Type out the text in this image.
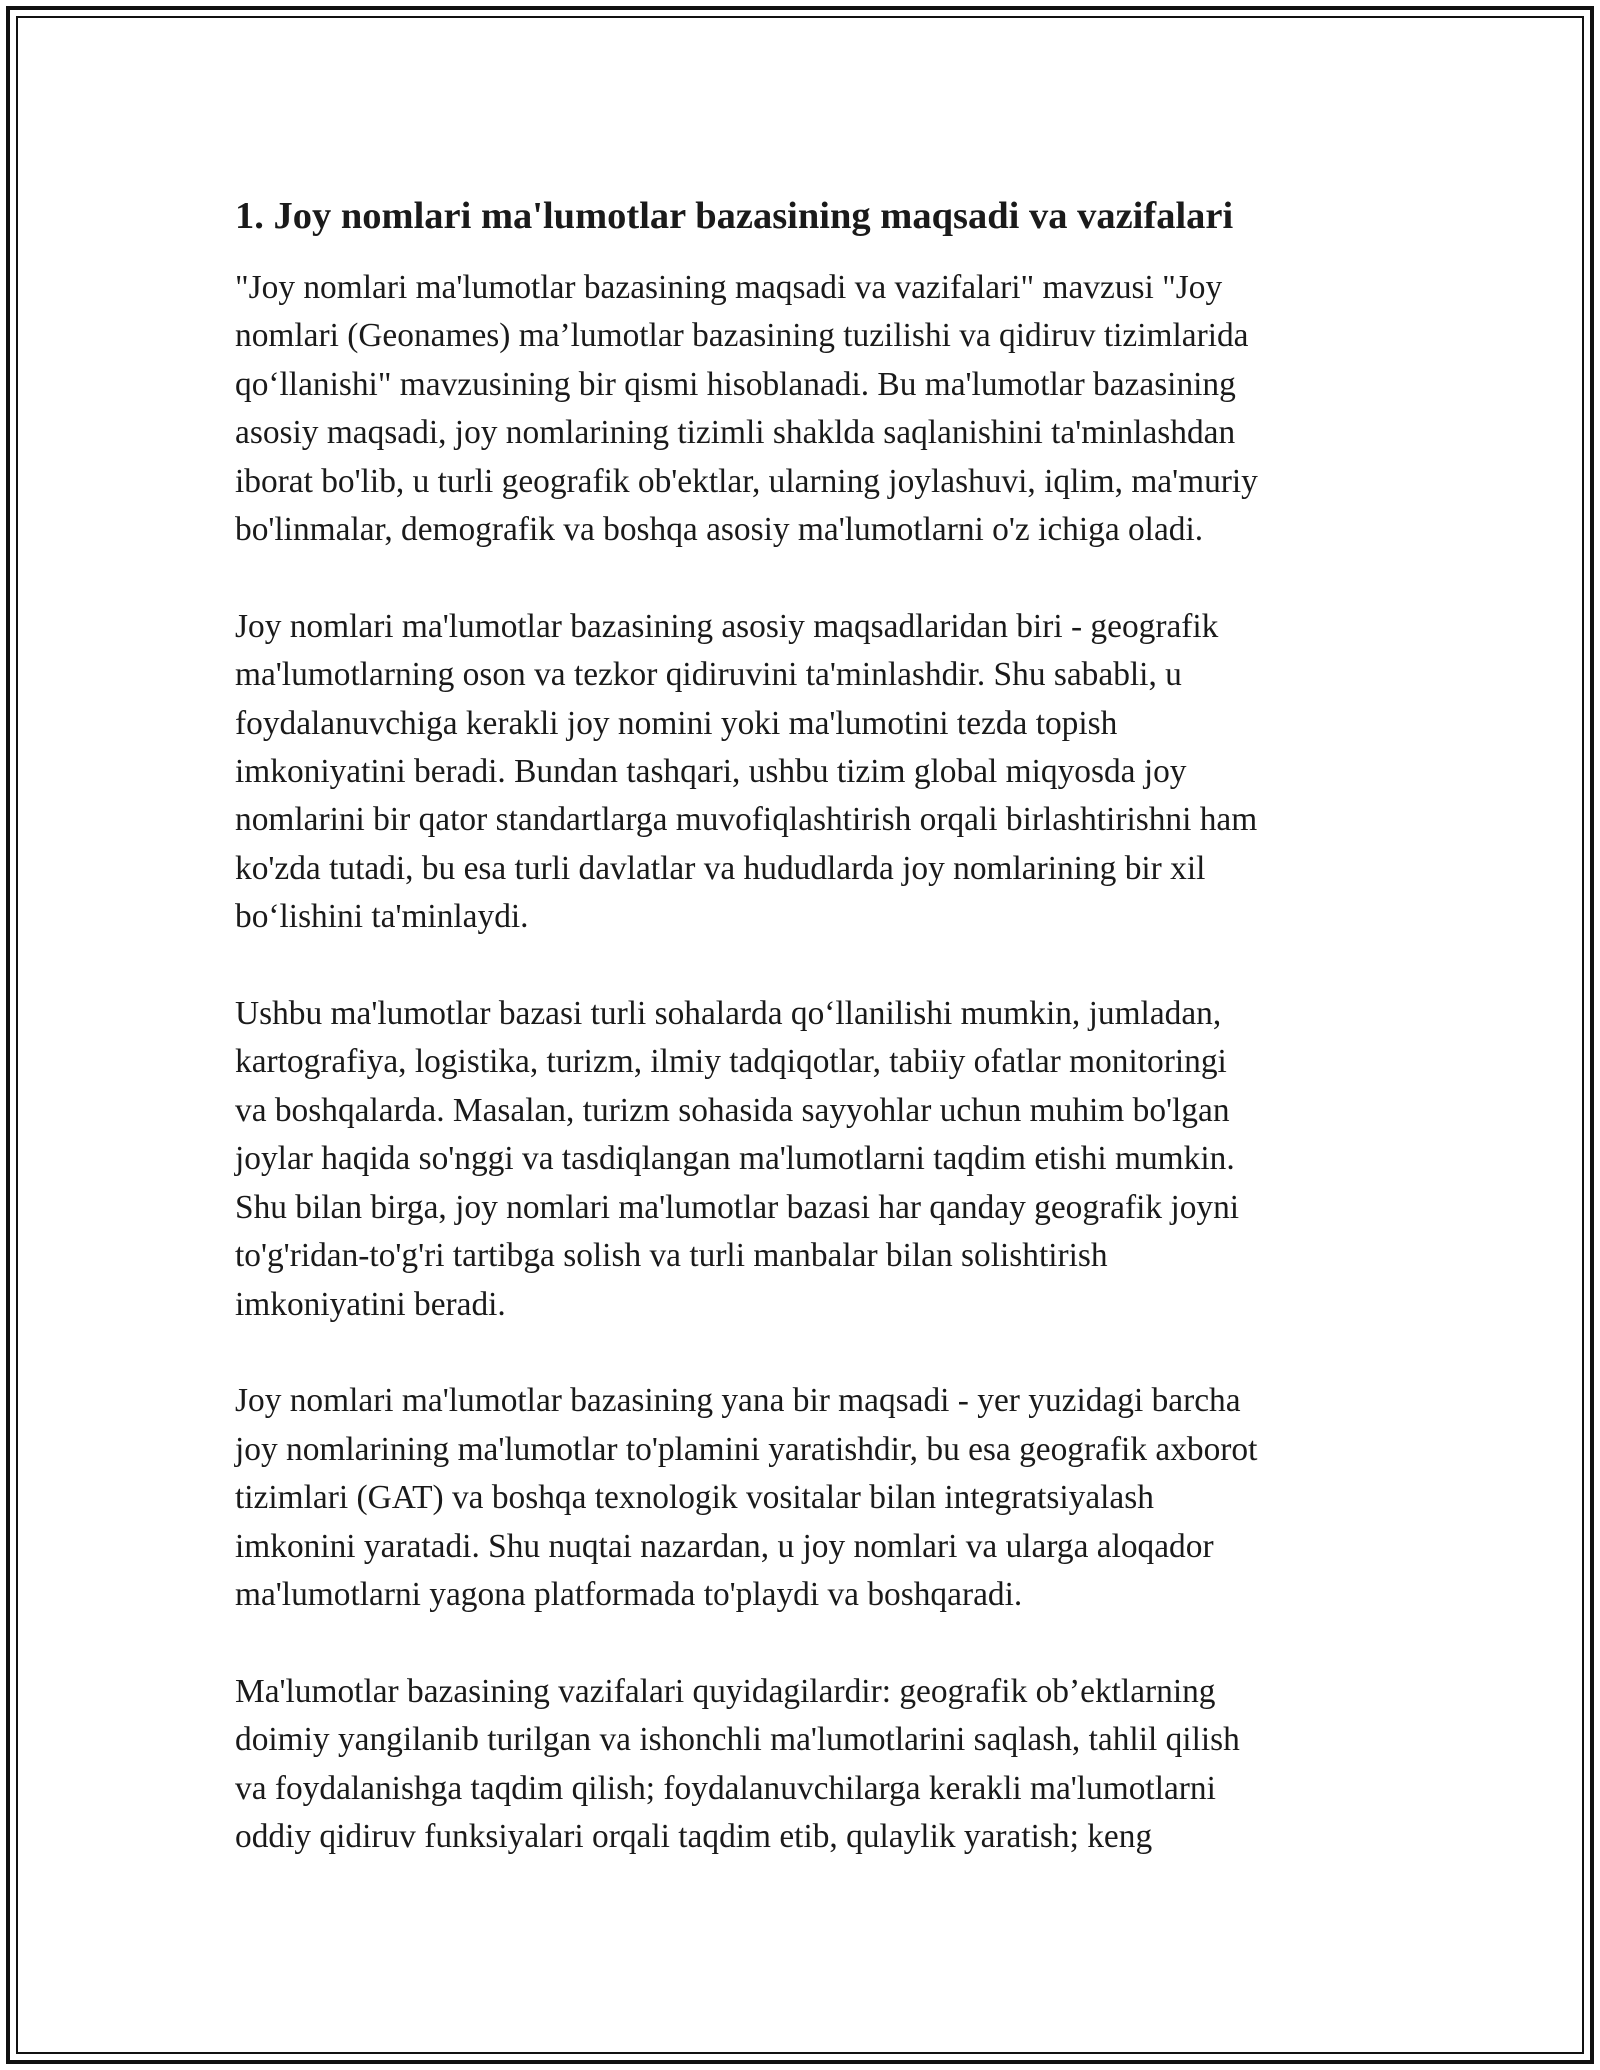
1. Joy nomlari ma'lumotlar bazasining maqsadi va vazifalari
"Joy nomlari ma'lumotlar bazasining maqsadi va vazifalari" mavzusi "Joy
nomlari (Geonames) ma’lumotlar bazasining tuzilishi va qidiruv tizimlarida
qo‘llanishi" mavzusining bir qismi hisoblanadi. Bu ma'lumotlar bazasining
asosiy maqsadi, joy nomlarining tizimli shaklda saqlanishini ta'minlashdan
iborat bo'lib, u turli geografik ob'ektlar, ularning joylashuvi, iqlim, ma'muriy
bo'linmalar, demografik va boshqa asosiy ma'lumotlarni o'z ichiga oladi.
Joy nomlari ma'lumotlar bazasining asosiy maqsadlaridan biri - geografik
ma'lumotlarning oson va tezkor qidiruvini ta'minlashdir. Shu sababli, u
foydalanuvchiga kerakli joy nomini yoki ma'lumotini tezda topish
imkoniyatini beradi. Bundan tashqari, ushbu tizim global miqyosda joy
nomlarini bir qator standartlarga muvofiqlashtirish orqali birlashtirishni ham
ko'zda tutadi, bu esa turli davlatlar va hududlarda joy nomlarining bir xil
bo‘lishini ta'minlaydi.
Ushbu ma'lumotlar bazasi turli sohalarda qo‘llanilishi mumkin, jumladan,
kartografiya, logistika, turizm, ilmiy tadqiqotlar, tabiiy ofatlar monitoringi
va boshqalarda. Masalan, turizm sohasida sayyohlar uchun muhim bo'lgan
joylar haqida so'nggi va tasdiqlangan ma'lumotlarni taqdim etishi mumkin.
Shu bilan birga, joy nomlari ma'lumotlar bazasi har qanday geografik joyni
to'g'ridan-to'g'ri tartibga solish va turli manbalar bilan solishtirish
imkoniyatini beradi.
Joy nomlari ma'lumotlar bazasining yana bir maqsadi - yer yuzidagi barcha
joy nomlarining ma'lumotlar to'plamini yaratishdir, bu esa geografik axborot
tizimlari (GAT) va boshqa texnologik vositalar bilan integratsiyalash
imkonini yaratadi. Shu nuqtai nazardan, u joy nomlari va ularga aloqador
ma'lumotlarni yagona platformada to'playdi va boshqaradi.
Ma'lumotlar bazasining vazifalari quyidagilardir: geografik ob’ektlarning
doimiy yangilanib turilgan va ishonchli ma'lumotlarini saqlash, tahlil qilish
va foydalanishga taqdim qilish; foydalanuvchilarga kerakli ma'lumotlarni
oddiy qidiruv funksiyalari orqali taqdim etib, qulaylik yaratish; keng
